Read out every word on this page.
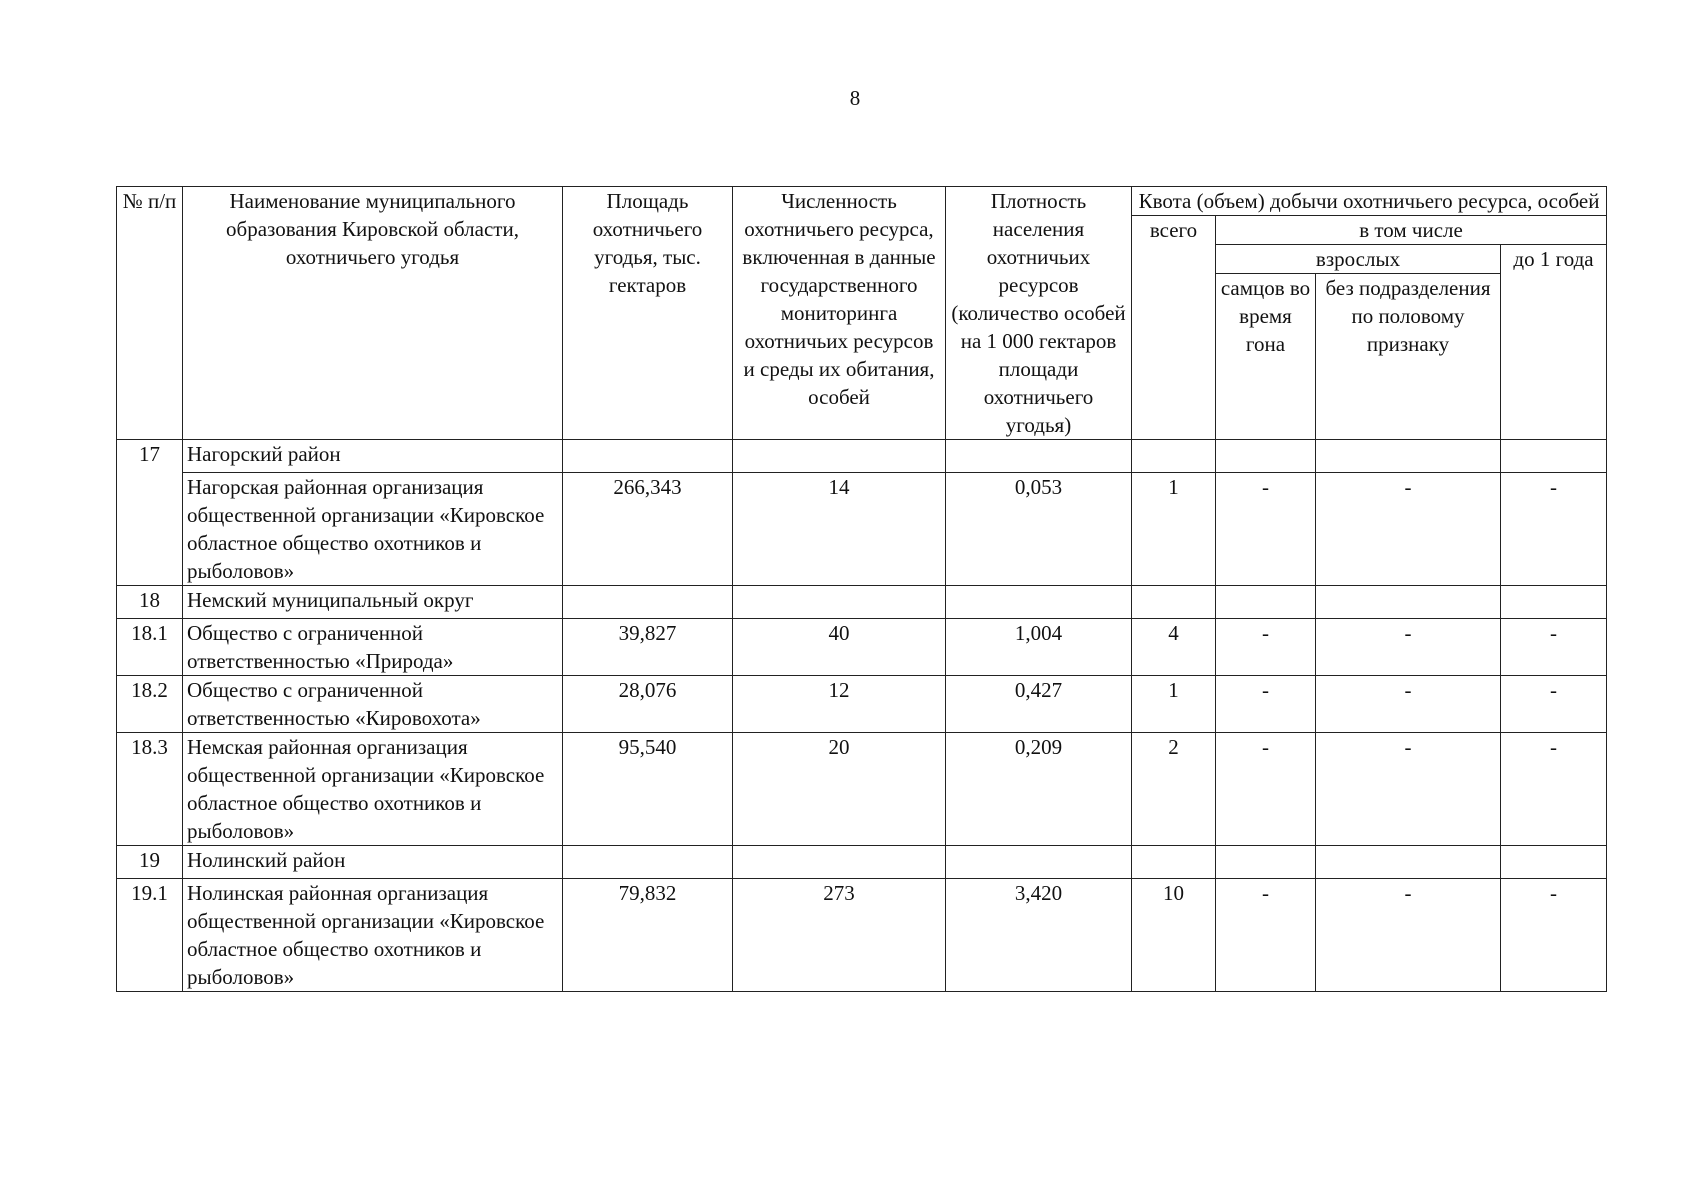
8
№ п/п	Наименование муниципального образования Кировской области, охотничьего угодья	Площадь охотничьего угодья, тыс. гектаров	Численность охотничьего ресурса, включенная в данные государственного мониторинга охотничьих ресурсов и среды их обитания, особей	Плотность населения охотничьих ресурсов (количество особей на 1 000 гектаров площади охотничьего угодья)	Квота (объем) добычи охотничьего ресурса, особей			
					всего	в том числе		
						взрослых		до 1 года
						самцов во время гона	без подразделения по половому признаку	
17	Нагорский район							
	Нагорская районная организация общественной организации «Кировское областное общество охотников и рыболовов»	266,343	14	0,053	1	-	-	-
18	Немский муниципальный округ							
18.1	Общество с ограниченной ответственностью «Природа»	39,827	40	1,004	4	-	-	-
18.2	Общество с ограниченной ответственностью «Кировохота»	28,076	12	0,427	1	-	-	-
18.3	Немская районная организация общественной организации «Кировское областное общество охотников и рыболовов»	95,540	20	0,209	2	-	-	-
19	Нолинский район							
19.1	Нолинская районная организация общественной организации «Кировское областное общество охотников и рыболовов»	79,832	273	3,420	10	-	-	-
